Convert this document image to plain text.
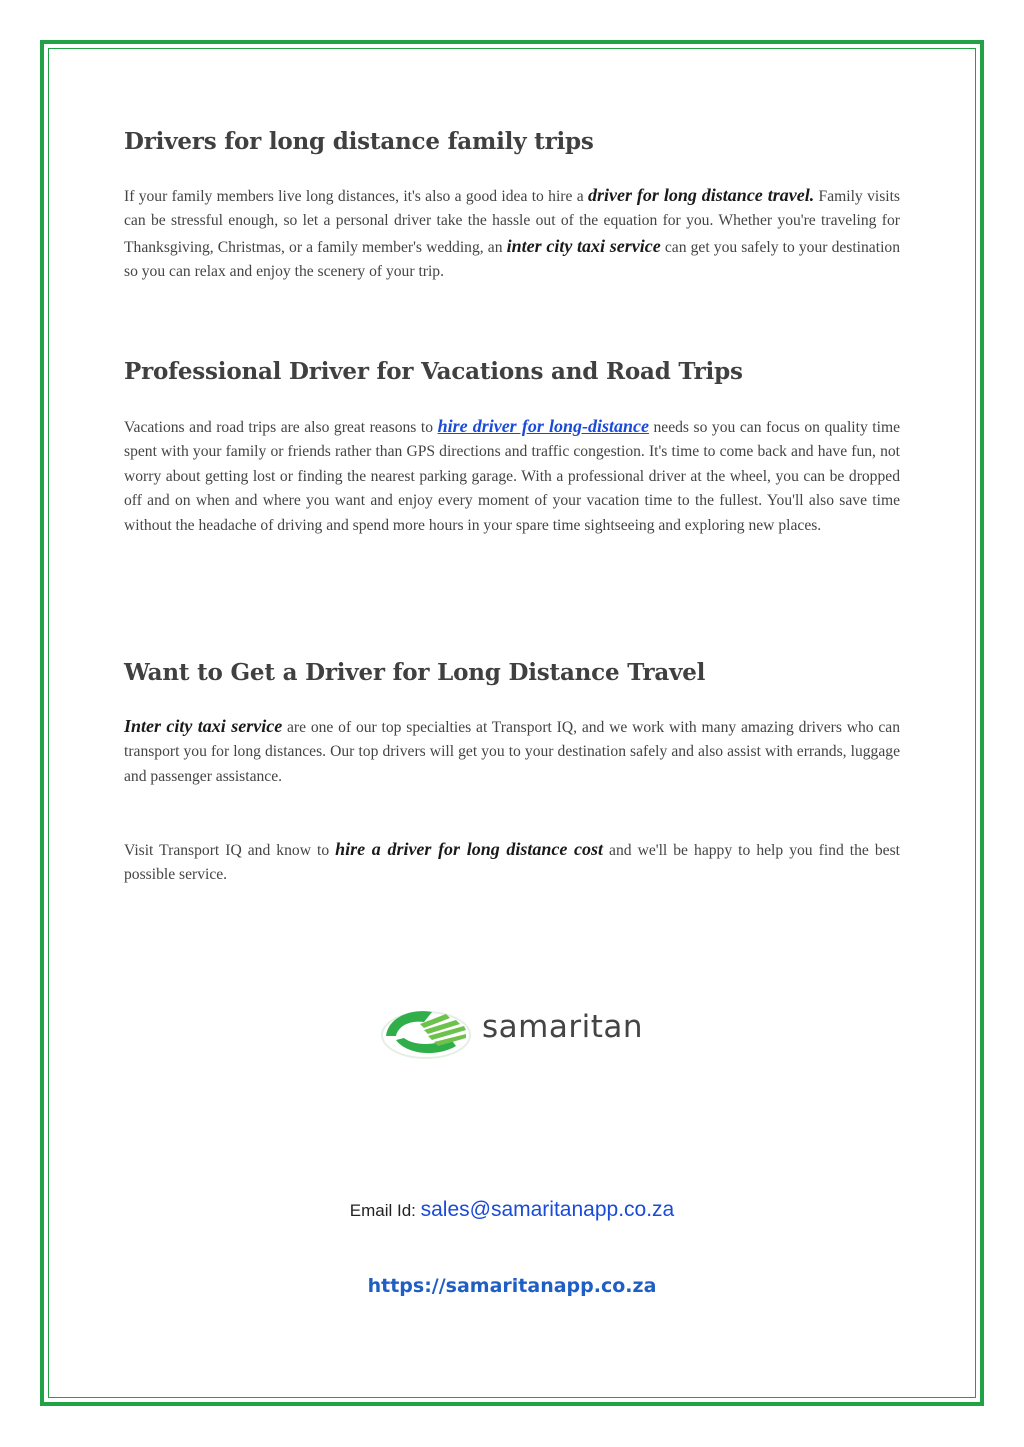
Drivers for long distance family trips

If your family members live long distances, it's also a good idea to hire a driver for long distance travel. Family visits can be stressful enough, so let a personal driver take the hassle out of the equation for you. Whether you're traveling for Thanksgiving, Christmas, or a family member's wedding, an inter city taxi service can get you safely to your destination so you can relax and enjoy the scenery of your trip.

Professional Driver for Vacations and Road Trips

Vacations and road trips are also great reasons to hire driver for long-distance needs so you can focus on quality time spent with your family or friends rather than GPS directions and traffic congestion. It's time to come back and have fun, not worry about getting lost or finding the nearest parking garage. With a professional driver at the wheel, you can be dropped off and on when and where you want and enjoy every moment of your vacation time to the fullest. You'll also save time without the headache of driving and spend more hours in your spare time sightseeing and exploring new places.

Want to Get a Driver for Long Distance Travel

Inter city taxi service are one of our top specialties at Transport IQ, and we work with many amazing drivers who can transport you for long distances. Our top drivers will get you to your destination safely and also assist with errands, luggage and passenger assistance.

Visit Transport IQ and know to hire a driver for long distance cost and we'll be happy to help you find the best possible service.

samaritan
Email Id: sales@samaritanapp.co.za
https://samaritanapp.co.za
